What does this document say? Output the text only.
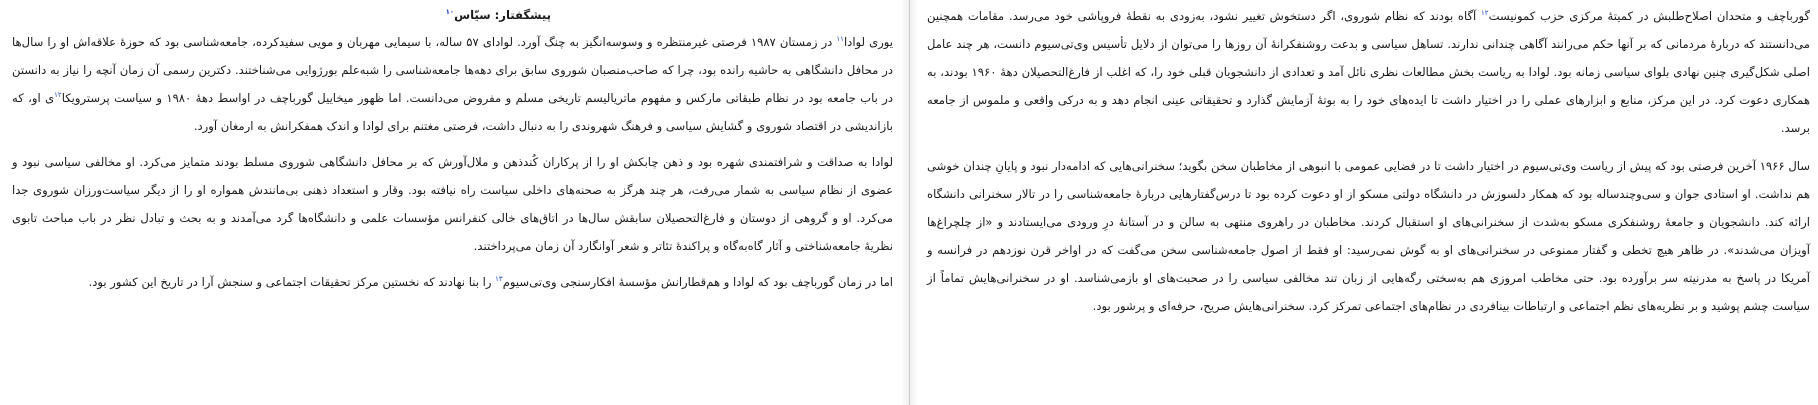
گورباچف و متحدان اصلاح‌طلبش در کمیتهٔ مرکزی حزب کمونیست$^{۱۲}$ آگاه بودند که نظام شوروی، اگر دستخوش تغییر نشود، به‌زودی به نقطهٔ فروپاشی خود می‌رسد. مقامات همچنین می‌دانستند که دربارهٔ مردمانی که بر آنها حکم می‌رانند آگاهی چندانی ندارند. تساهل سیاسی و بدعت روشنفکرانهٔ آن روزها را می‌توان از دلایل تأسیس وی‌تی‌سیوم دانست، هر چند عامل اصلی شکل‌گیری چنین نهادی بلوای سیاسی زمانه بود. لوادا به ریاست بخش مطالعات نظری نائل آمد و تعدادی از دانشجویان قبلی خود را، که اغلب از فارغ‌التحصیلان دههٔ ۱۹۶۰ بودند، به همکاری دعوت کرد. در این مرکز، منابع و ابزارهای عملی را در اختیار داشت تا ایده‌های خود را به بوتهٔ آزمایش گذارد و تحقیقاتی عینی انجام دهد و به درکی واقعی و ملموس از جامعه برسد.

سال ۱۹۶۶ آخرین فرصتی بود که پیش از ریاست وی‌تی‌سیوم در اختیار داشت تا در فضایی عمومی با انبوهی از مخاطبان سخن بگوید؛ سخنرانی‌هایی که ادامه‌دار نبود و پایانِ چندان خوشی هم نداشت. او استادی جوان و سی‌وچندساله بود که همکار دلسوزش در دانشگاه دولتی مسکو از او دعوت کرده بود تا درس‌گفتارهایی دربارهٔ جامعه‌شناسی را در تالار سخنرانی دانشگاه ارائه کند. دانشجویان و جامعهٔ روشنفکری مسکو به‌شدت از سخنرانی‌های او استقبال کردند. مخاطبان در راهروی منتهی به سالن و در آستانهٔ درِ ورودی می‌ایستادند و «از چلچراغ‌ها آویزان می‌شدند». در ظاهر هیچ تخطی و گفتار ممنوعی در سخنرانی‌های او به گوش نمی‌رسید: او فقط از اصول جامعه‌شناسی سخن می‌گفت که در اواخر قرن نوزدهم در فرانسه و آمریکا در پاسخ به مدرنیته سر برآورده بود. حتی مخاطب امروزی هم به‌سختی رگه‌هایی از زبان تند مخالفی سیاسی را در صحبت‌های او بازمی‌شناسد. او در سخنرانی‌هایش تماماً از سیاست چشم پوشید و بر نظریه‌های نظم اجتماعی و ارتباطات بینافردی در نظام‌های اجتماعی تمرکز کرد. سخنرانی‌هایش صریح، حرفه‌ای و پرشور بود.

پیشگفتار: سیّاس$^{۱۰}$

یوری لوادا$^{۱۱}$ در زمستان ۱۹۸۷ فرصتی غیرمنتظره و وسوسه‌انگیز به چنگ آورد. لوادای ۵۷ ساله، با سیمایی مهربان و مویی سفیدکرده، جامعه‌شناسی بود که حوزهٔ علاقه‌اش او را سال‌ها در محافل دانشگاهی به حاشیه رانده بود، چرا که صاحب‌منصبان شوروی سابق برای دهه‌ها جامعه‌شناسی را شبه‌علم بورژوایی می‌شناختند. دکترین رسمی آن زمان آنچه را نیاز به دانستن در باب جامعه بود در نظام طبقاتی مارکس و مفهوم ماتریالیسم تاریخی مسلم و مفروض می‌دانست. اما ظهور میخاییل گورباچف در اواسط دههٔ ۱۹۸۰ و سیاست پرسترویکا$^{۱۲}$ی او، که بازاندیشی در اقتصاد شوروی و گشایش سیاسی و فرهنگ شهروندی را به دنبال داشت، فرصتی مغتنم برای لوادا و اندک همفکرانش به ارمغان آورد.

لوادا به صداقت و شرافتمندی شهره بود و ذهن چابکش او را از پرکاران کُندذهن و ملال‌آورش که بر محافل دانشگاهی شوروی مسلط بودند متمایز می‌کرد. او مخالفی سیاسی نبود و عضوی از نظام سیاسی به شمار می‌رفت، هر چند هرگز به صحنه‌های داخلی سیاست راه نیافته بود. وقار و استعداد ذهنی بی‌مانندش همواره او را از دیگر سیاست‌ورزان شوروی جدا می‌کرد. او و گروهی از دوستان و فارغ‌التحصیلان سابقش سال‌ها در اتاق‌های خالی کنفرانس مؤسسات علمی و دانشگاه‌ها گرد می‌آمدند و به بحث و تبادل نظر در باب مباحث تابوی نظریهٔ جامعه‌شناختی و آثار گاه‌به‌گاه و پراکندهٔ تئاتر و شعر آوانگارد آن زمان می‌پرداختند.

اما در زمان گورباچف بود که لوادا و هم‌قطارانش مؤسسهٔ افکارسنجی وی‌تی‌سیوم$^{۱۳}$ را بنا نهادند که نخستین مرکز تحقیقات اجتماعی و سنجش آرا در تاریخ این کشور بود.
